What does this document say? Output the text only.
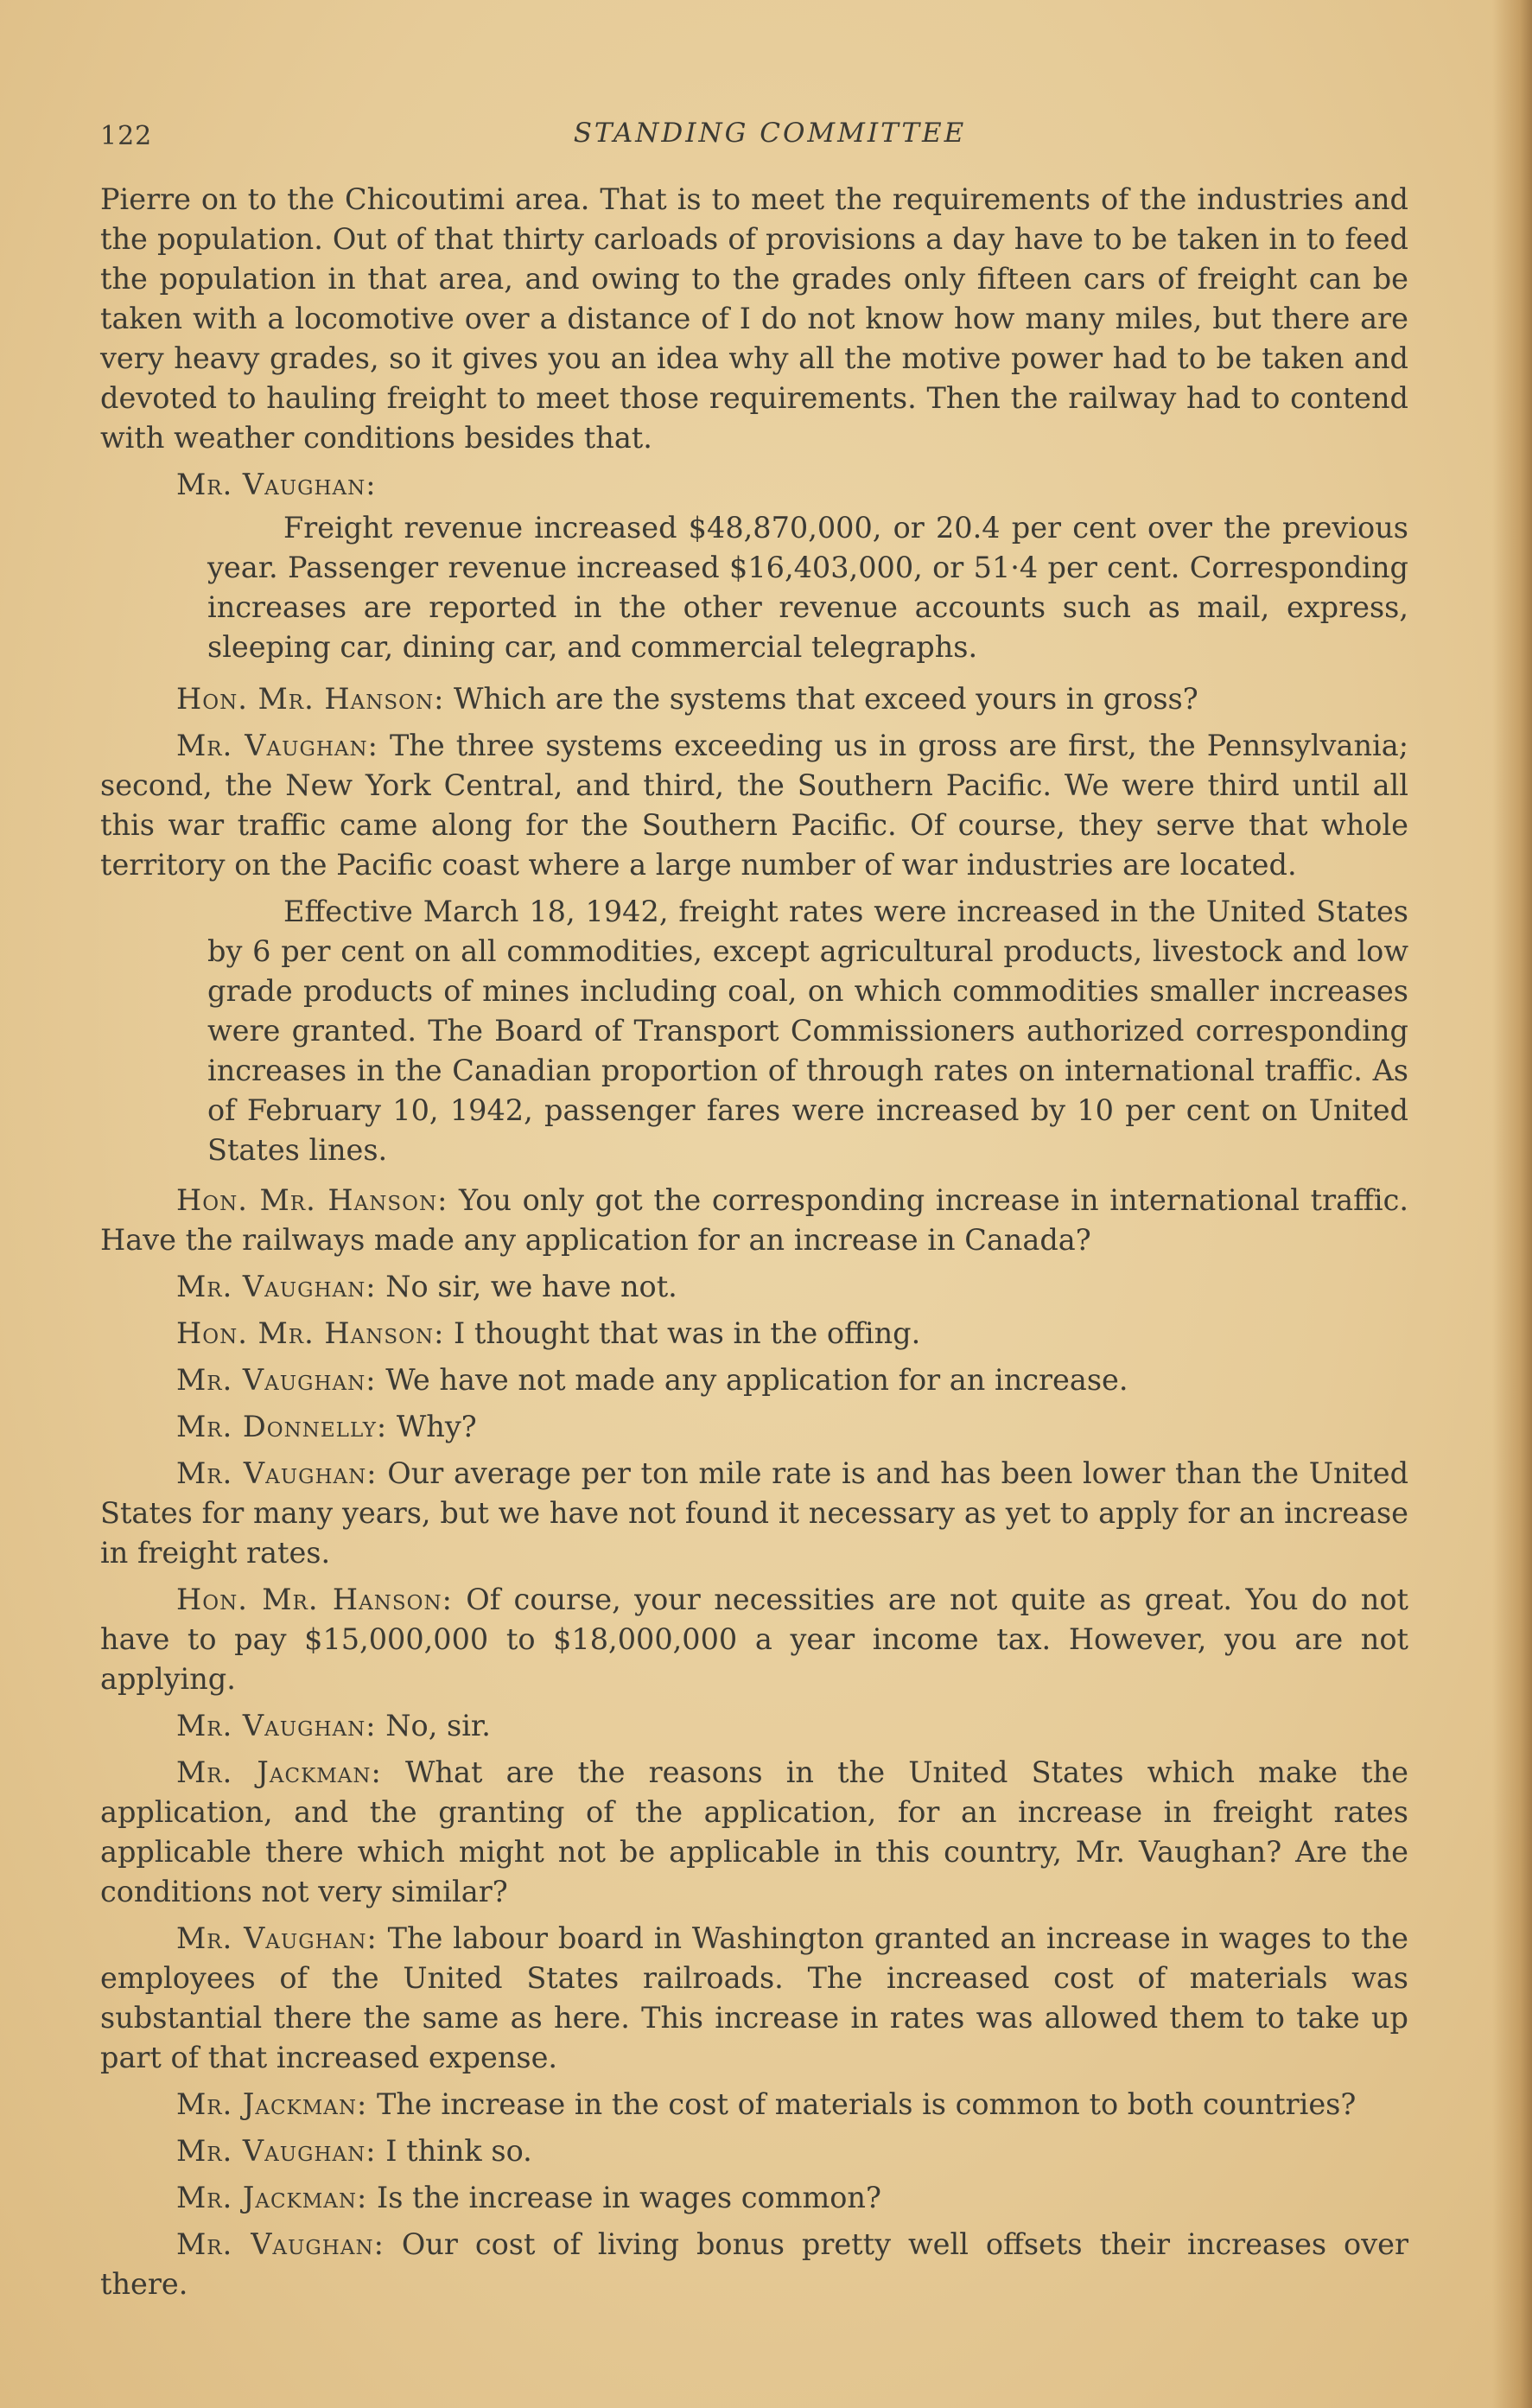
122	STANDING COMMITTEE

Pierre on to the Chicoutimi area. That is to meet the requirements of the industries and the population. Out of that thirty carloads of provisions a day have to be taken in to feed the population in that area, and owing to the grades only fifteen cars of freight can be taken with a locomotive over a distance of I do not know how many miles, but there are very heavy grades, so it gives you an idea why all the motive power had to be taken and devoted to hauling freight to meet those requirements. Then the railway had to contend with weather conditions besides that.

Mr. Vaughan:

Freight revenue increased $48,870,000, or 20.4 per cent over the previous year. Passenger revenue increased $16,403,000, or 51·4 per cent. Corresponding increases are reported in the other revenue accounts such as mail, express, sleeping car, dining car, and commercial telegraphs.

Hon. Mr. Hanson: Which are the systems that exceed yours in gross?

Mr. Vaughan: The three systems exceeding us in gross are first, the Pennsylvania; second, the New York Central, and third, the Southern Pacific. We were third until all this war traffic came along for the Southern Pacific. Of course, they serve that whole territory on the Pacific coast where a large number of war industries are located.

Effective March 18, 1942, freight rates were increased in the United States by 6 per cent on all commodities, except agricultural products, livestock and low grade products of mines including coal, on which commodities smaller increases were granted. The Board of Transport Commissioners authorized corresponding increases in the Canadian proportion of through rates on international traffic. As of February 10, 1942, passenger fares were increased by 10 per cent on United States lines.

Hon. Mr. Hanson: You only got the corresponding increase in international traffic. Have the railways made any application for an increase in Canada?

Mr. Vaughan: No sir, we have not.

Hon. Mr. Hanson: I thought that was in the offing.

Mr. Vaughan: We have not made any application for an increase.

Mr. Donnelly: Why?

Mr. Vaughan: Our average per ton mile rate is and has been lower than the United States for many years, but we have not found it necessary as yet to apply for an increase in freight rates.

Hon. Mr. Hanson: Of course, your necessities are not quite as great. You do not have to pay $15,000,000 to $18,000,000 a year income tax. However, you are not applying.

Mr. Vaughan: No, sir.

Mr. Jackman: What are the reasons in the United States which make the application, and the granting of the application, for an increase in freight rates applicable there which might not be applicable in this country, Mr. Vaughan? Are the conditions not very similar?

Mr. Vaughan: The labour board in Washington granted an increase in wages to the employees of the United States railroads. The increased cost of materials was substantial there the same as here. This increase in rates was allowed them to take up part of that increased expense.

Mr. Jackman: The increase in the cost of materials is common to both countries?

Mr. Vaughan: I think so.

Mr. Jackman: Is the increase in wages common?

Mr. Vaughan: Our cost of living bonus pretty well offsets their increases over there.
